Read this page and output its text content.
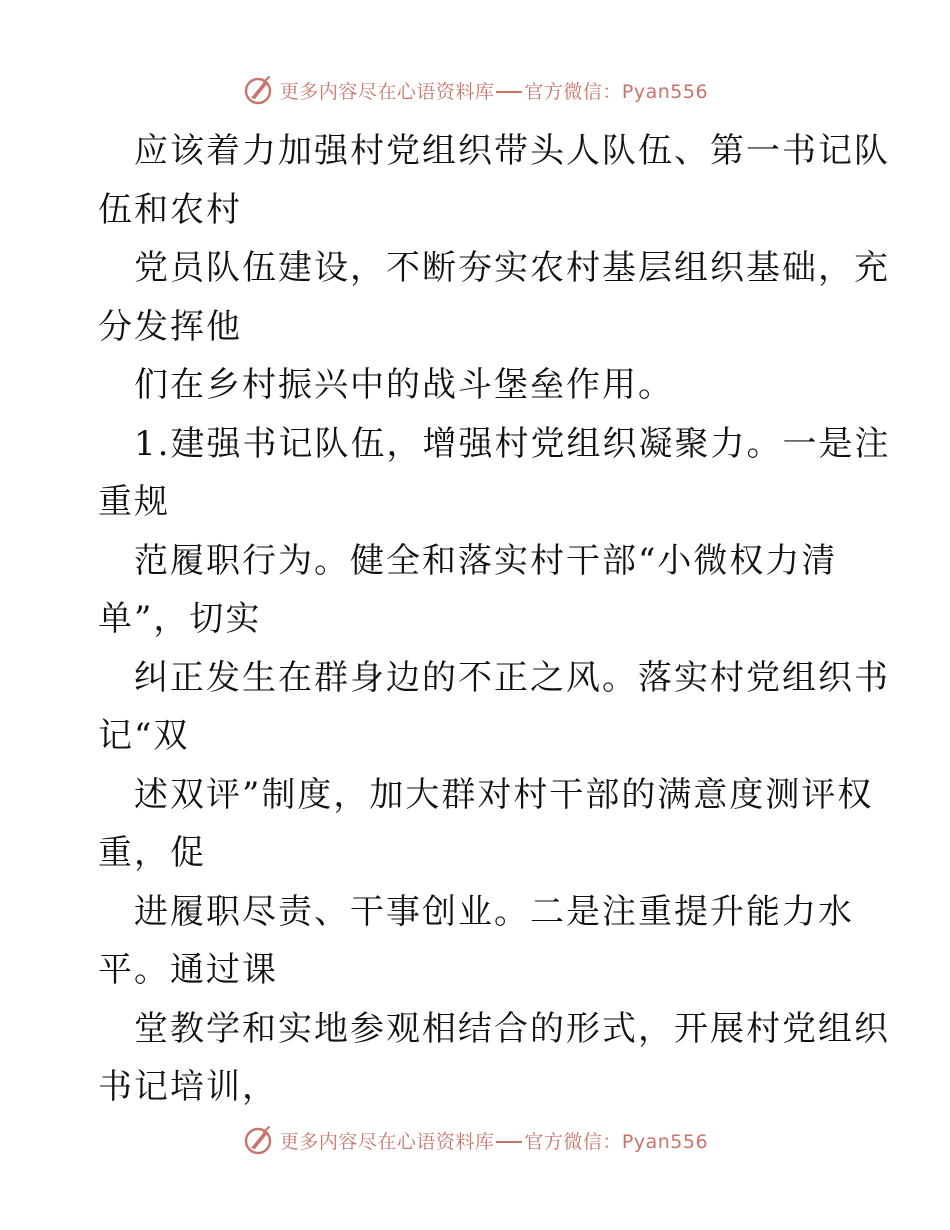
更多内容尽在心语资料库 官方微信：Pyan556
应该着力加强村党组织带头人队伍、第一书记队
伍和农村
党员队伍建设，不断夯实农村基层组织基础，充
分发挥他
们在乡村振兴中的战斗堡垒作用。
1.建强书记队伍，增强村党组织凝聚力。一是注
重规
范履职行为。健全和落实村干部“小微权力清
单”，切实
纠正发生在群身边的不正之风。落实村党组织书
记“双
述双评”制度，加大群对村干部的满意度测评权
重，促
进履职尽责、干事创业。二是注重提升能力水
平。通过课
堂教学和实地参观相结合的形式，开展村党组织
书记培训，
更多内容尽在心语资料库 官方微信：Pyan556
